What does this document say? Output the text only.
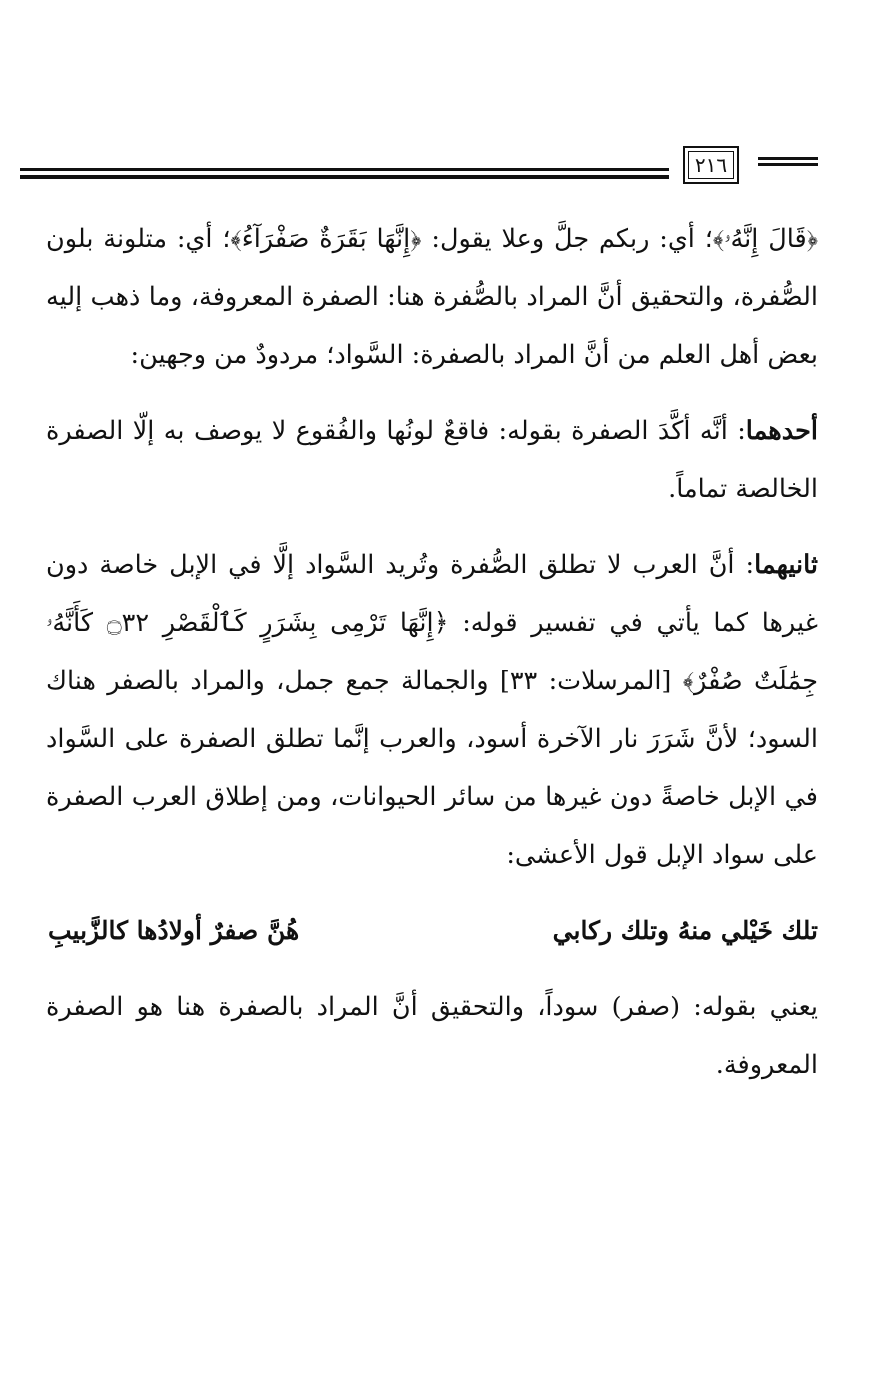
٢١٦

﴿قَالَ إِنَّهُۥ﴾؛ أي: ربكم جلَّ وعلا يقول: ﴿إِنَّهَا بَقَرَةٌ صَفْرَآءُ﴾؛ أي: متلونة بلون الصُّفرة، والتحقيق أنَّ المراد بالصُّفرة هنا: الصفرة المعروفة، وما ذهب إليه بعض أهل العلم من أنَّ المراد بالصفرة: السَّواد؛ مردودٌ من وجهين:

أحدهما: أنَّه أكَّدَ الصفرة بقوله: فاقعٌ لونُها والفُقوع لا يوصف به إلّا الصفرة الخالصة تماماً.

ثانيهما: أنَّ العرب لا تطلق الصُّفرة وتُريد السَّواد إلَّا في الإبل خاصة دون غيرها كما يأتي في تفسير قوله: ﴿إِنَّهَا تَرْمِى بِشَرَرٍ كَٱلْقَصْرِ ۝٣٢ كَأَنَّهُۥ جِمَٰلَتٌ صُفْرٌ﴾ [المرسلات: ٣٣] والجمالة جمع جمل، والمراد بالصفر هناك السود؛ لأنَّ شَرَرَ نار الآخرة أسود، والعرب إنَّما تطلق الصفرة على السَّواد في الإبل خاصةً دون غيرها من سائر الحيوانات، ومن إطلاق العرب الصفرة على سواد الإبل قول الأعشى:

تلك خَيْلي منهُ وتلك ركابي
هُنَّ صفرٌ أولادُها كالزَّبيبِ

يعني بقوله: (صفر) سوداً، والتحقيق أنَّ المراد بالصفرة هنا هو الصفرة المعروفة.
